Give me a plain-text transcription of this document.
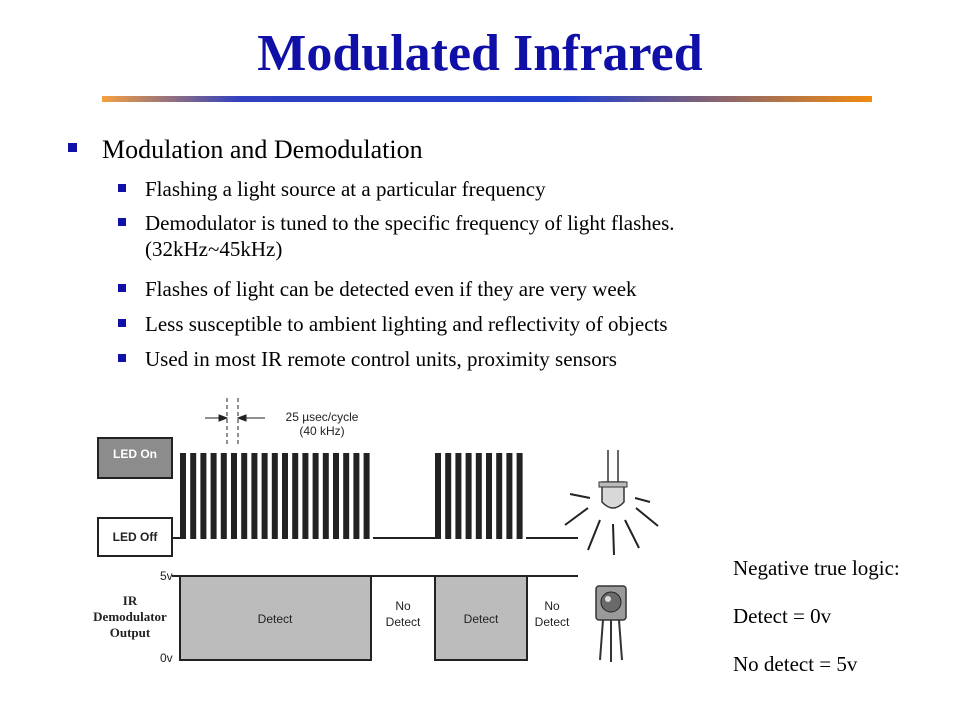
Modulated Infrared
Modulation and Demodulation
Flashing a light source at a particular frequency
Demodulator is tuned to the specific frequency of light flashes.
(32kHz~45kHz)
Flashes of light can be detected even if they are very week
Less susceptible to ambient lighting and reflectivity of objects
Used in most IR remote control units, proximity sensors
25 µsec/cycle
(40 kHz)
LED On
LED Off
5v
0v
IR
Demodulator
Output
Detect
No
Detect	Detect
No
Detect
Negative true logic:
Detect = 0v
No detect = 5v
